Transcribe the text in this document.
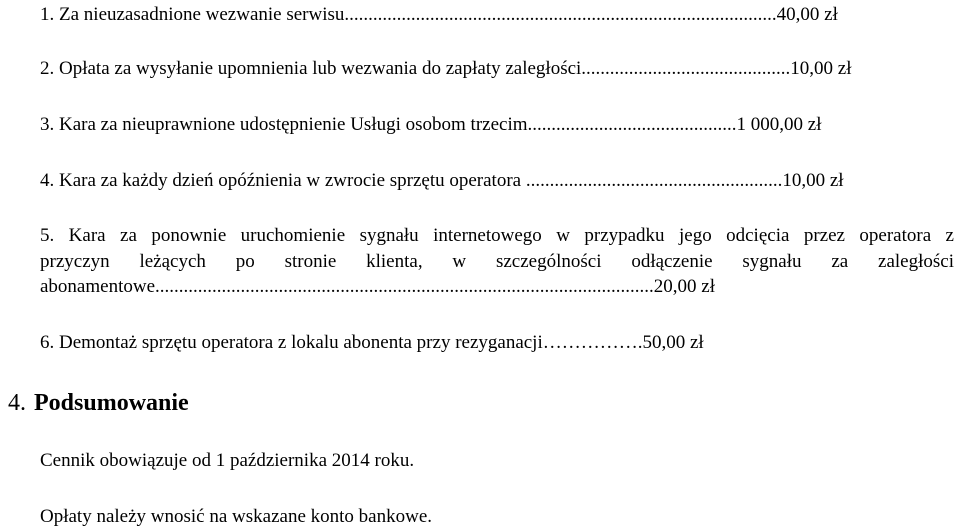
1. Za nieuzasadnione wezwanie serwisu...........................................................................................40,00 zł
2. Opłata za wysyłanie upomnienia lub wezwania do zapłaty zaległości............................................10,00 zł
3. Kara za nieuprawnione udostępnienie Usługi osobom trzecim............................................1 000,00 zł
4. Kara za każdy dzień opóźnienia w zwrocie sprzętu operatora ......................................................10,00 zł
5. Kara za ponownie uruchomienie sygnału internetowego w przypadku jego odcięcia przez operatora z
przyczyn leżących po stronie klienta, w szczególności odłączenie sygnału za zaległości
abonamentowe.........................................................................................................20,00 zł
6. Demontaż sprzętu operatora z lokalu abonenta przy rezyganacji…………….50,00 zł
4. Podsumowanie
Cennik obowiązuje od 1 października 2014 roku.
Opłaty należy wnosić na wskazane konto bankowe.
